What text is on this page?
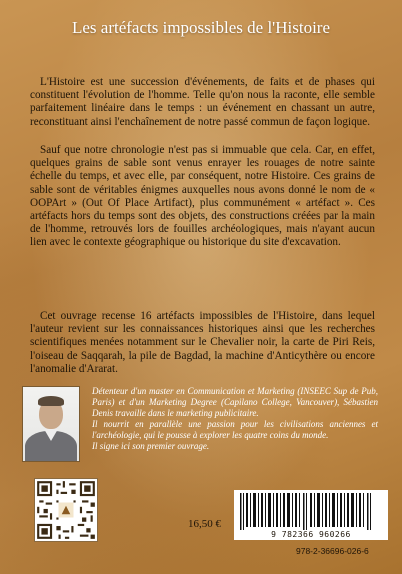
Les artéfacts impossibles de l'Histoire

L'Histoire est une succession d'événements, de faits et de phases qui constituent l'évolution de l'homme. Telle qu'on nous la raconte, elle semble parfaitement linéaire dans le temps : un événement en chassant un autre, reconstituant ainsi l'enchaînement de notre passé commun de façon logique.

Sauf que notre chronologie n'est pas si immuable que cela. Car, en effet, quelques grains de sable sont venus enrayer les rouages de notre sainte échelle du temps, et avec elle, par conséquent, notre Histoire. Ces grains de sable sont de véritables énigmes auxquelles nous avons donné le nom de « OOPArt » (Out Of Place Artifact), plus communément « artéfact ». Ces artéfacts hors du temps sont des objets, des constructions créées par la main de l'homme, retrouvés lors de fouilles archéologiques, mais n'ayant aucun lien avec le contexte géographique ou historique du site d'excavation.

Cet ouvrage recense 16 artéfacts impossibles de l'Histoire, dans lequel l'auteur revient sur les connaissances historiques ainsi que les recherches scientifiques menées notamment sur le Chevalier noir, la carte de Piri Reis, l'oiseau de Saqqarah, la pile de Bagdad, la machine d'Anticythère ou encore l'anomalie d'Ararat.

Détenteur d'un master en Communication et Marketing (INSEEC Sup de Pub, Paris) et d'un Marketing Degree (Capilano College, Vancouver), Sébastien Denis travaille dans le marketing publicitaire.
Il nourrit en parallèle une passion pour les civilisations anciennes et l'archéologie, qui le pousse à explorer les quatre coins du monde.
Il signe ici son premier ouvrage.

16,50 €
9 782366 960266
978-2-36696-026-6
